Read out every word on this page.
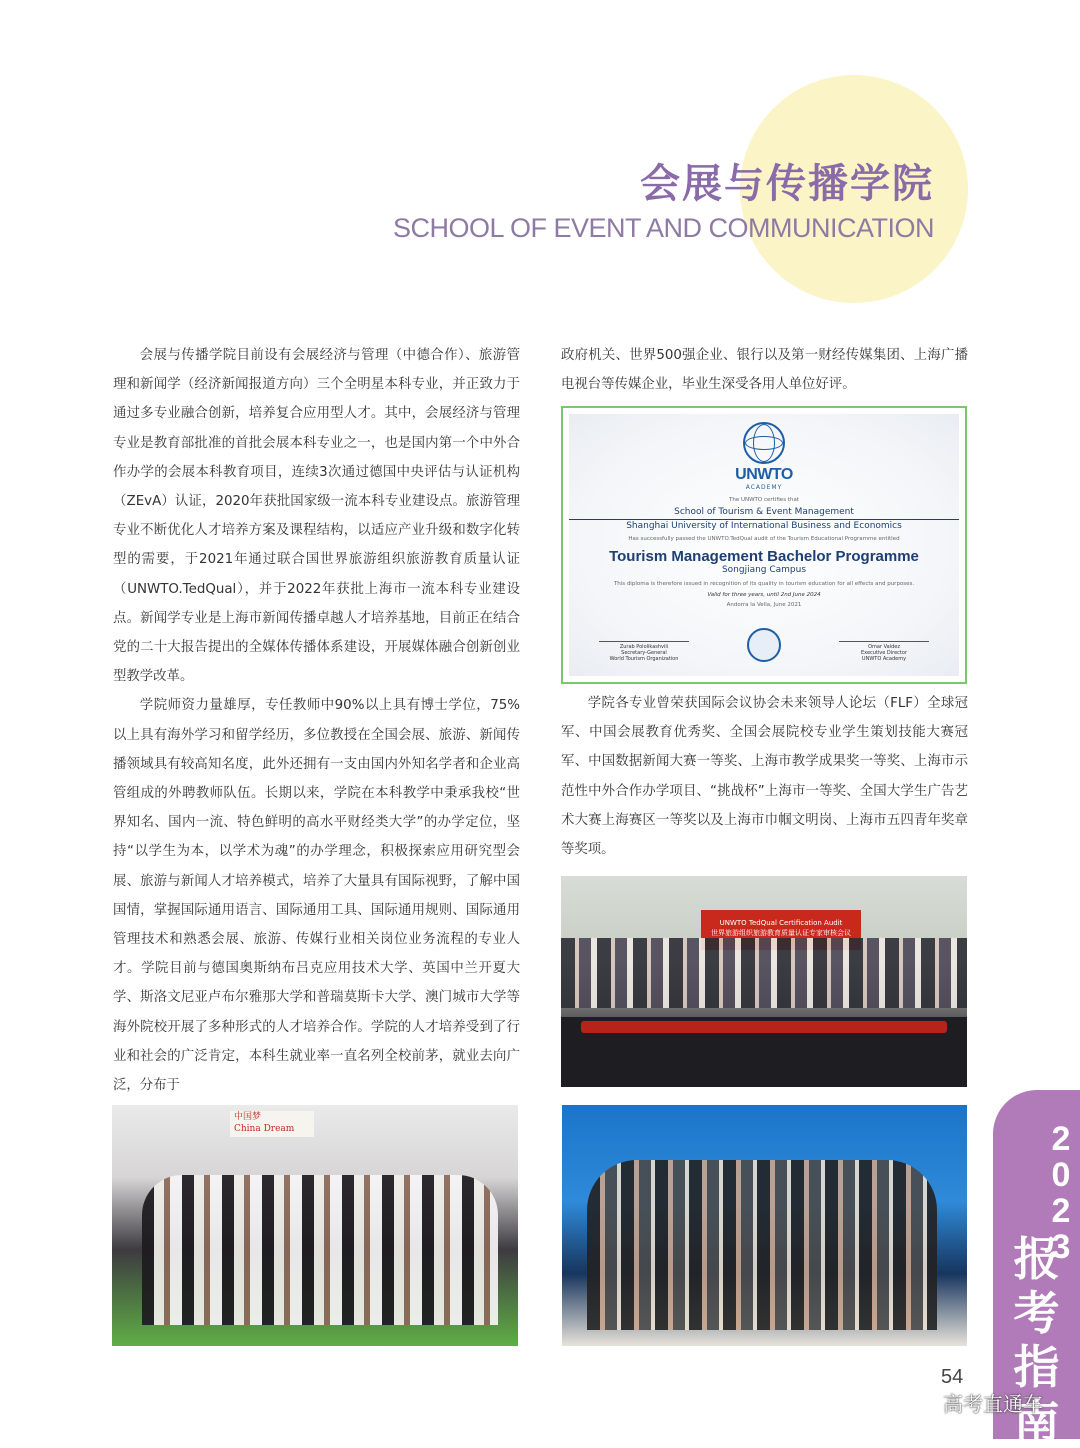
会展与传播学院
SCHOOL OF EVENT AND COMMUNICATION

会展与传播学院目前设有会展经济与管理（中德合作）、旅游管理和新闻学（经济新闻报道方向）三个全明星本科专业，并正致力于通过多专业融合创新，培养复合应用型人才。其中，会展经济与管理专业是教育部批准的首批会展本科专业之一，也是国内第一个中外合作办学的会展本科教育项目，连续3次通过德国中央评估与认证机构（ZEvA）认证，2020年获批国家级一流本科专业建设点。旅游管理专业不断优化人才培养方案及课程结构，以适应产业升级和数字化转型的需要，于2021年通过联合国世界旅游组织旅游教育质量认证（UNWTO.TedQual），并于2022年获批上海市一流本科专业建设点。新闻学专业是上海市新闻传播卓越人才培养基地，目前正在结合党的二十大报告提出的全媒体传播体系建设，开展媒体融合创新创业型教学改革。

学院师资力量雄厚，专任教师中90%以上具有博士学位，75%以上具有海外学习和留学经历，多位教授在全国会展、旅游、新闻传播领域具有较高知名度，此外还拥有一支由国内外知名学者和企业高管组成的外聘教师队伍。长期以来，学院在本科教学中秉承我校“世界知名、国内一流、特色鲜明的高水平财经类大学”的办学定位，坚持“以学生为本，以学术为魂”的办学理念，积极探索应用研究型会展、旅游与新闻人才培养模式，培养了大量具有国际视野，了解中国国情，掌握国际通用语言、国际通用工具、国际通用规则、国际通用管理技术和熟悉会展、旅游、传媒行业相关岗位业务流程的专业人才。学院目前与德国奥斯纳布吕克应用技术大学、英国中兰开夏大学、斯洛文尼亚卢布尔雅那大学和普瑞莫斯卡大学、澳门城市大学等海外院校开展了多种形式的人才培养合作。学院的人才培养受到了行业和社会的广泛肯定，本科生就业率一直名列全校前茅，就业去向广泛，分布于

政府机关、世界500强企业、银行以及第一财经传媒集团、上海广播电视台等传媒企业，毕业生深受各用人单位好评。

UNWTO
ACADEMY
The UNWTO certifies that
School of Tourism & Event Management
Shanghai University of International Business and Economics
Has successfully passed the UNWTO.TedQual audit of the Tourism Educational Programme entitled
Tourism Management Bachelor Programme
Songjiang Campus
This diploma is therefore issued in recognition of its quality in tourism education for all effects and purposes.
Valid for three years, until 2nd June 2024
Andorra la Vella, June 2021
Zurab Pololikashvili
Secretary-General
World Tourism Organization
Omar Valdez
Executive Director
UNWTO Academy

学院各专业曾荣获国际会议协会未来领导人论坛（FLF）全球冠军、中国会展教育优秀奖、全国会展院校专业学生策划技能大赛冠军、中国数据新闻大赛一等奖、上海市教学成果奖一等奖、上海市示范性中外合作办学项目、“挑战杯”上海市一等奖、全国大学生广告艺术大赛上海赛区一等奖以及上海市巾帼文明岗、上海市五四青年奖章等奖项。

UNWTO TedQual Certification Audit
世界旅游组织旅游教育质量认证专家审核会议
中国梦
China Dream	2023
报考指南
54
高考直通车
